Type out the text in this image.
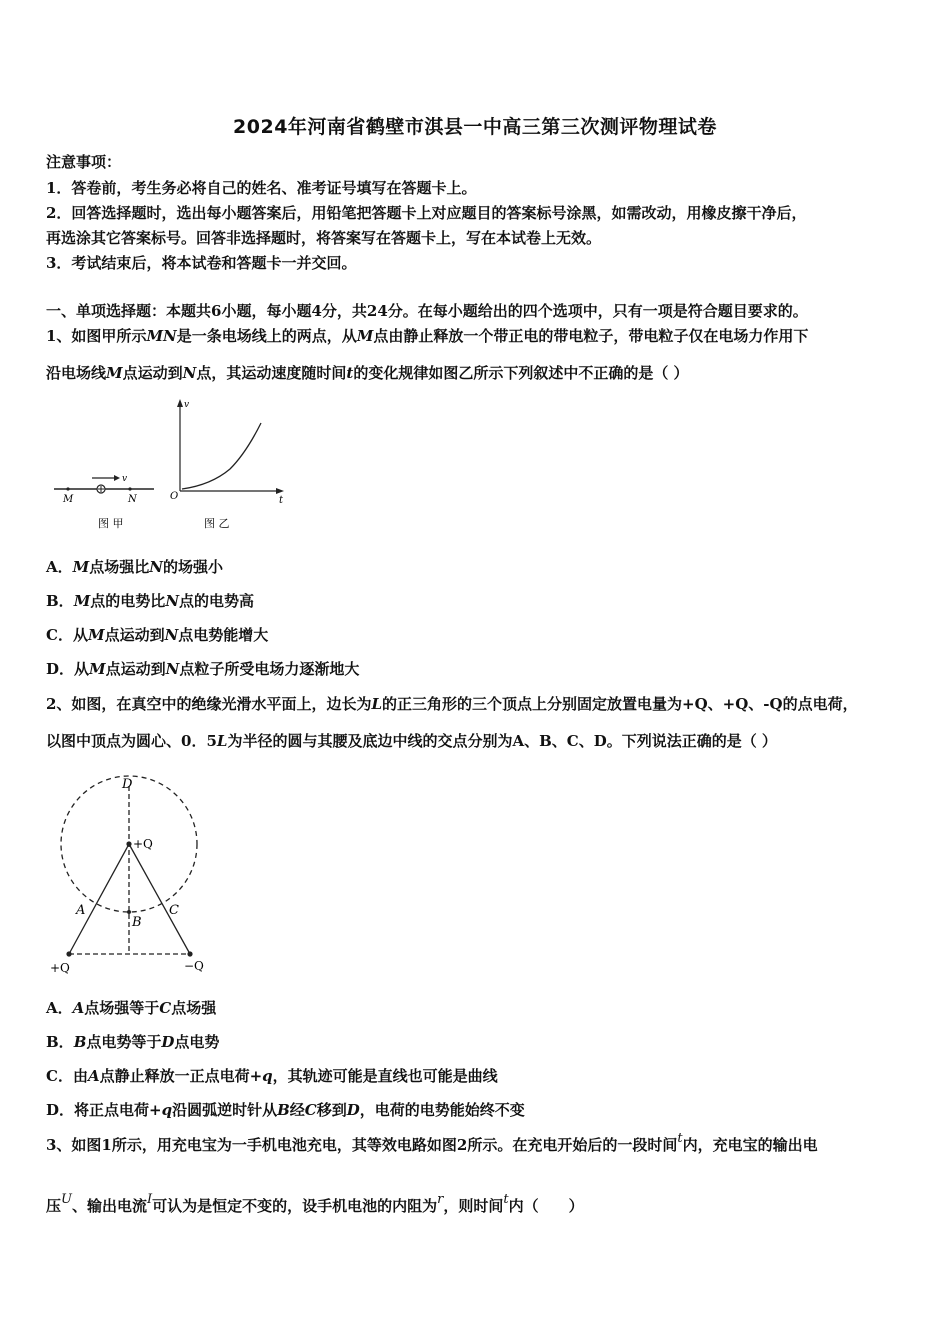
2024年河南省鹤壁市淇县一中高三第三次测评物理试卷
注意事项：
1．答卷前，考生务必将自己的姓名、准考证号填写在答题卡上。
2．回答选择题时，选出每小题答案后，用铅笔把答题卡上对应题目的答案标号涂黑，如需改动，用橡皮擦干净后，
再选涂其它答案标号。回答非选择题时，将答案写在答题卡上，写在本试卷上无效。
3．考试结束后，将本试卷和答题卡一并交回。
一、单项选择题：本题共6小题，每小题4分，共24分。在每小题给出的四个选项中，只有一项是符合题目要求的。
1、如图甲所示MN是一条电场线上的两点，从M点由静止释放一个带正电的带电粒子，带电粒子仅在电场力作用下
沿电场线M点运动到N点，其运动速度随时间t的变化规律如图乙所示下列叙述中不正确的是（ ）
v
M	N
图 甲
v
t
O
图 乙
A．M点场强比N的场强小
B．M点的电势比N点的电势高
C．从M点运动到N点电势能增大
D．从M点运动到N点粒子所受电场力逐渐地大
2、如图，在真空中的绝缘光滑水平面上，边长为L的正三角形的三个顶点上分别固定放置电量为+Q、+Q、-Q的点电荷，
以图中顶点为圆心、0．5L为半径的圆与其腰及底边中线的交点分别为A、B、C、D。下列说法正确的是（ ）
D
+Q
A
B
C
+Q	−Q
A．A点场强等于C点场强
B．B点电势等于D点电势
C．由A点静止释放一正点电荷+q，其轨迹可能是直线也可能是曲线
D．将正点电荷+q沿圆弧逆时针从B经C移到D，电荷的电势能始终不变
3、如图1所示，用充电宝为一手机电池充电，其等效电路如图2所示。在充电开始后的一段时间t内，充电宝的输出电
压U、输出电流I可认为是恒定不变的，设手机电池的内阻为r，则时间t内（　　）
